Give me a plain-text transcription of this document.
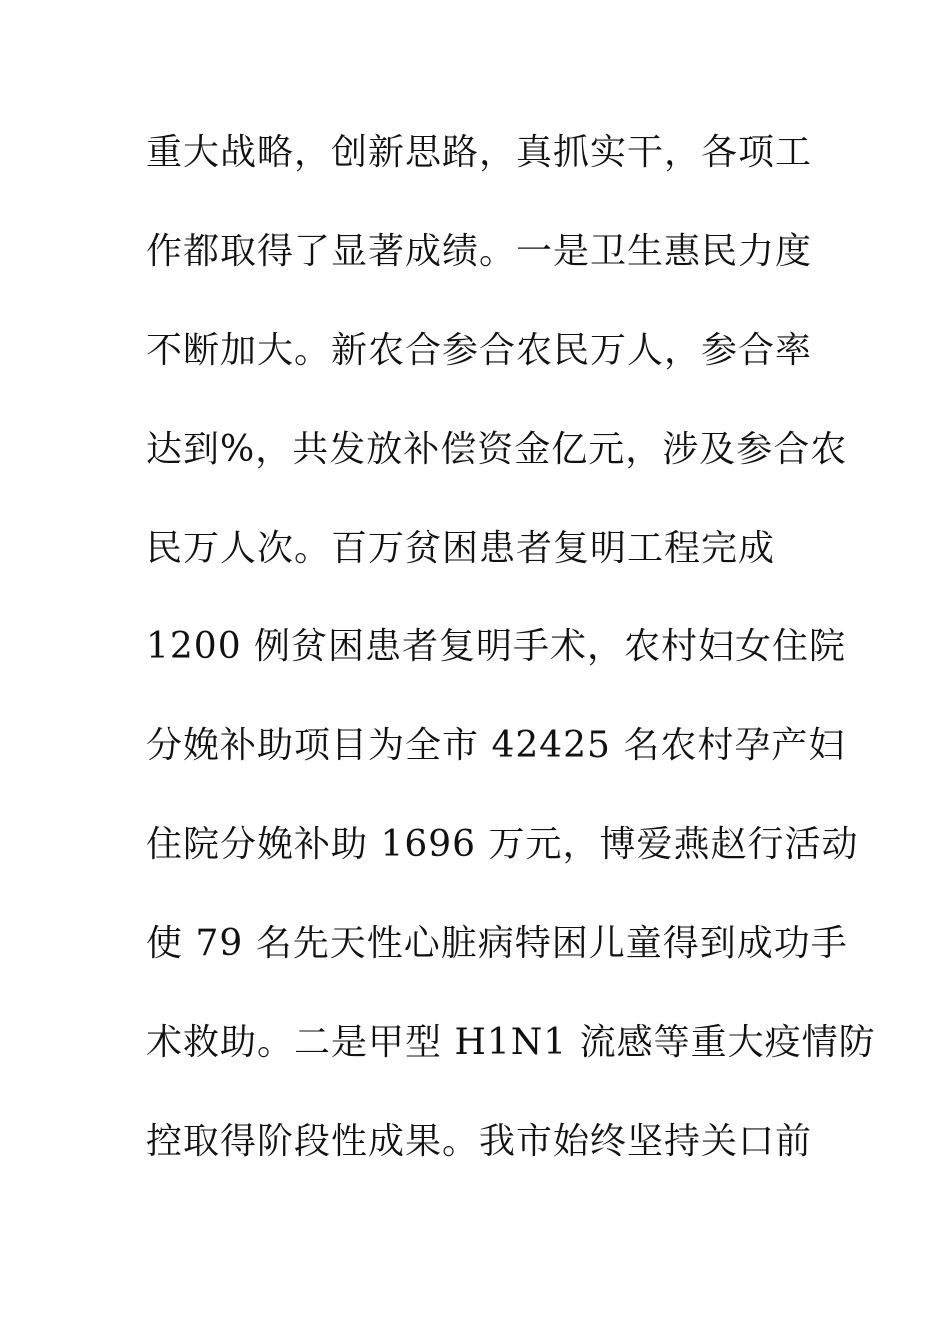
重大战略，创新思路，真抓实干，各项工
作都取得了显著成绩。一是卫生惠民力度
不断加大。新农合参合农民万人，参合率
达到%，共发放补偿资金亿元，涉及参合农
民万人次。百万贫困患者复明工程完成
1200 例贫困患者复明手术，农村妇女住院
分娩补助项目为全市 42425 名农村孕产妇
住院分娩补助 1696 万元，博爱燕赵行活动
使 79 名先天性心脏病特困儿童得到成功手
术救助。二是甲型 H1N1 流感等重大疫情防
控取得阶段性成果。我市始终坚持关口前
